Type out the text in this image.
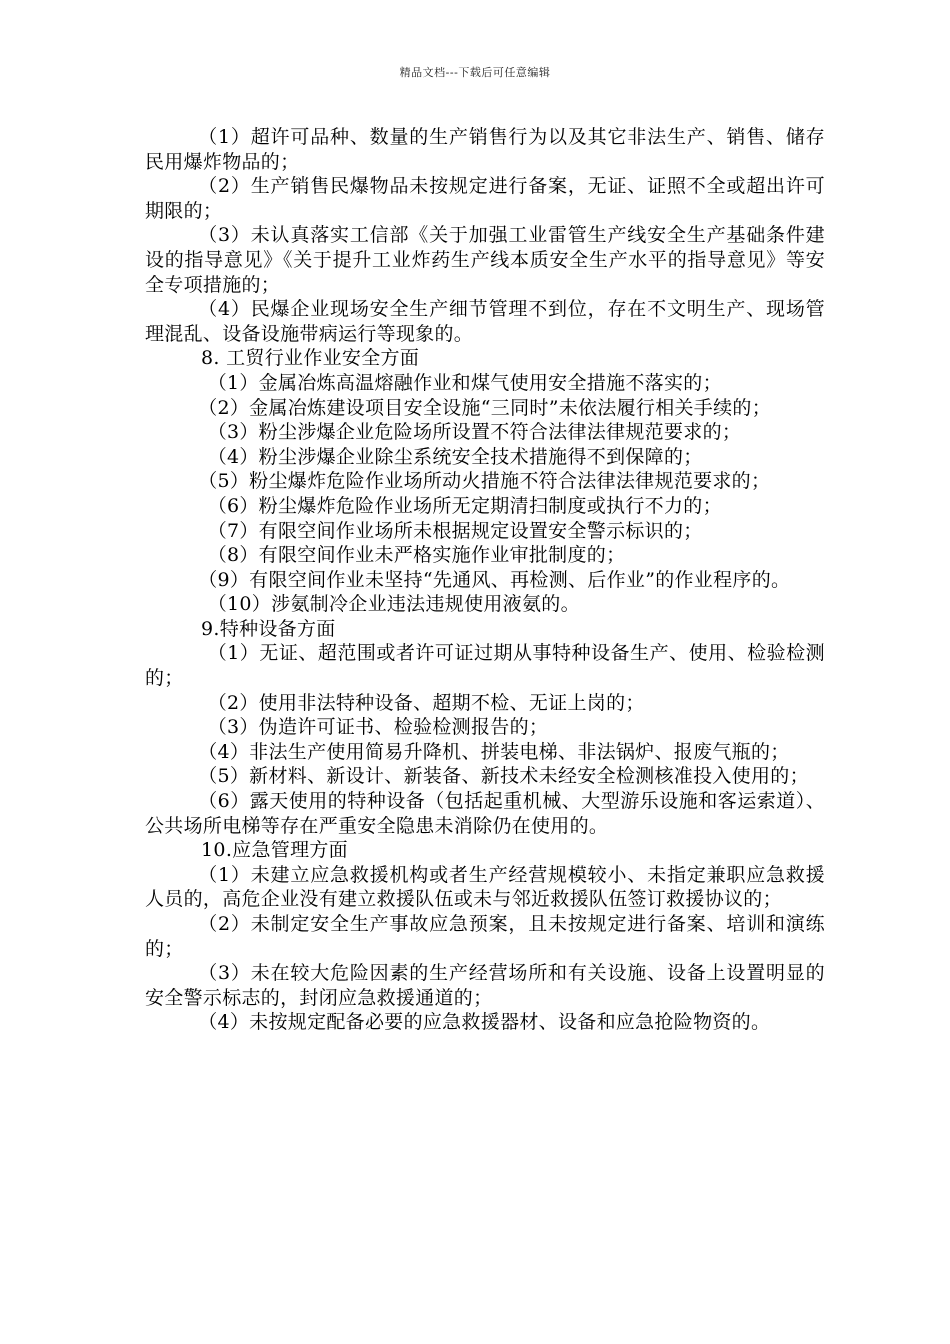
精品文档---下载后可任意编辑

（1）超许可品种、数量的生产销售行为以及其它非法生产、销售、储存民用爆炸物品的；

（2）生产销售民爆物品未按规定进行备案，无证、证照不全或超出许可期限的；

（3）未认真落实工信部《关于加强工业雷管生产线安全生产基础条件建设的指导意见》《关于提升工业炸药生产线本质安全生产水平的指导意见》等安全专项措施的；

（4）民爆企业现场安全生产细节管理不到位，存在不文明生产、现场管理混乱、设备设施带病运行等现象的。

8. 工贸行业作业安全方面

（1）金属冶炼高温熔融作业和煤气使用安全措施不落实的；

（2）金属冶炼建设项目安全设施“三同时”未依法履行相关手续的；

（3）粉尘涉爆企业危险场所设置不符合法律法律规范要求的；

（4）粉尘涉爆企业除尘系统安全技术措施得不到保障的；

（5）粉尘爆炸危险作业场所动火措施不符合法律法律规范要求的；

（6）粉尘爆炸危险作业场所无定期清扫制度或执行不力的；

（7）有限空间作业场所未根据规定设置安全警示标识的；

（8）有限空间作业未严格实施作业审批制度的；

（9）有限空间作业未坚持“先通风、再检测、后作业”的作业程序的。

（10）涉氨制冷企业违法违规使用液氨的。

9.特种设备方面

（1）无证、超范围或者许可证过期从事特种设备生产、使用、检验检测的；

（2）使用非法特种设备、超期不检、无证上岗的；

（3）伪造许可证书、检验检测报告的；

（4）非法生产使用简易升降机、拼装电梯、非法锅炉、报废气瓶的；

（5）新材料、新设计、新装备、新技术未经安全检测核准投入使用的；

（6）露天使用的特种设备（包括起重机械、大型游乐设施和客运索道）、公共场所电梯等存在严重安全隐患未消除仍在使用的。

10.应急管理方面

（1）未建立应急救援机构或者生产经营规模较小、未指定兼职应急救援人员的，高危企业没有建立救援队伍或未与邻近救援队伍签订救援协议的；

（2）未制定安全生产事故应急预案，且未按规定进行备案、培训和演练的；

（3）未在较大危险因素的生产经营场所和有关设施、设备上设置明显的安全警示标志的，封闭应急救援通道的；

（4）未按规定配备必要的应急救援器材、设备和应急抢险物资的。
